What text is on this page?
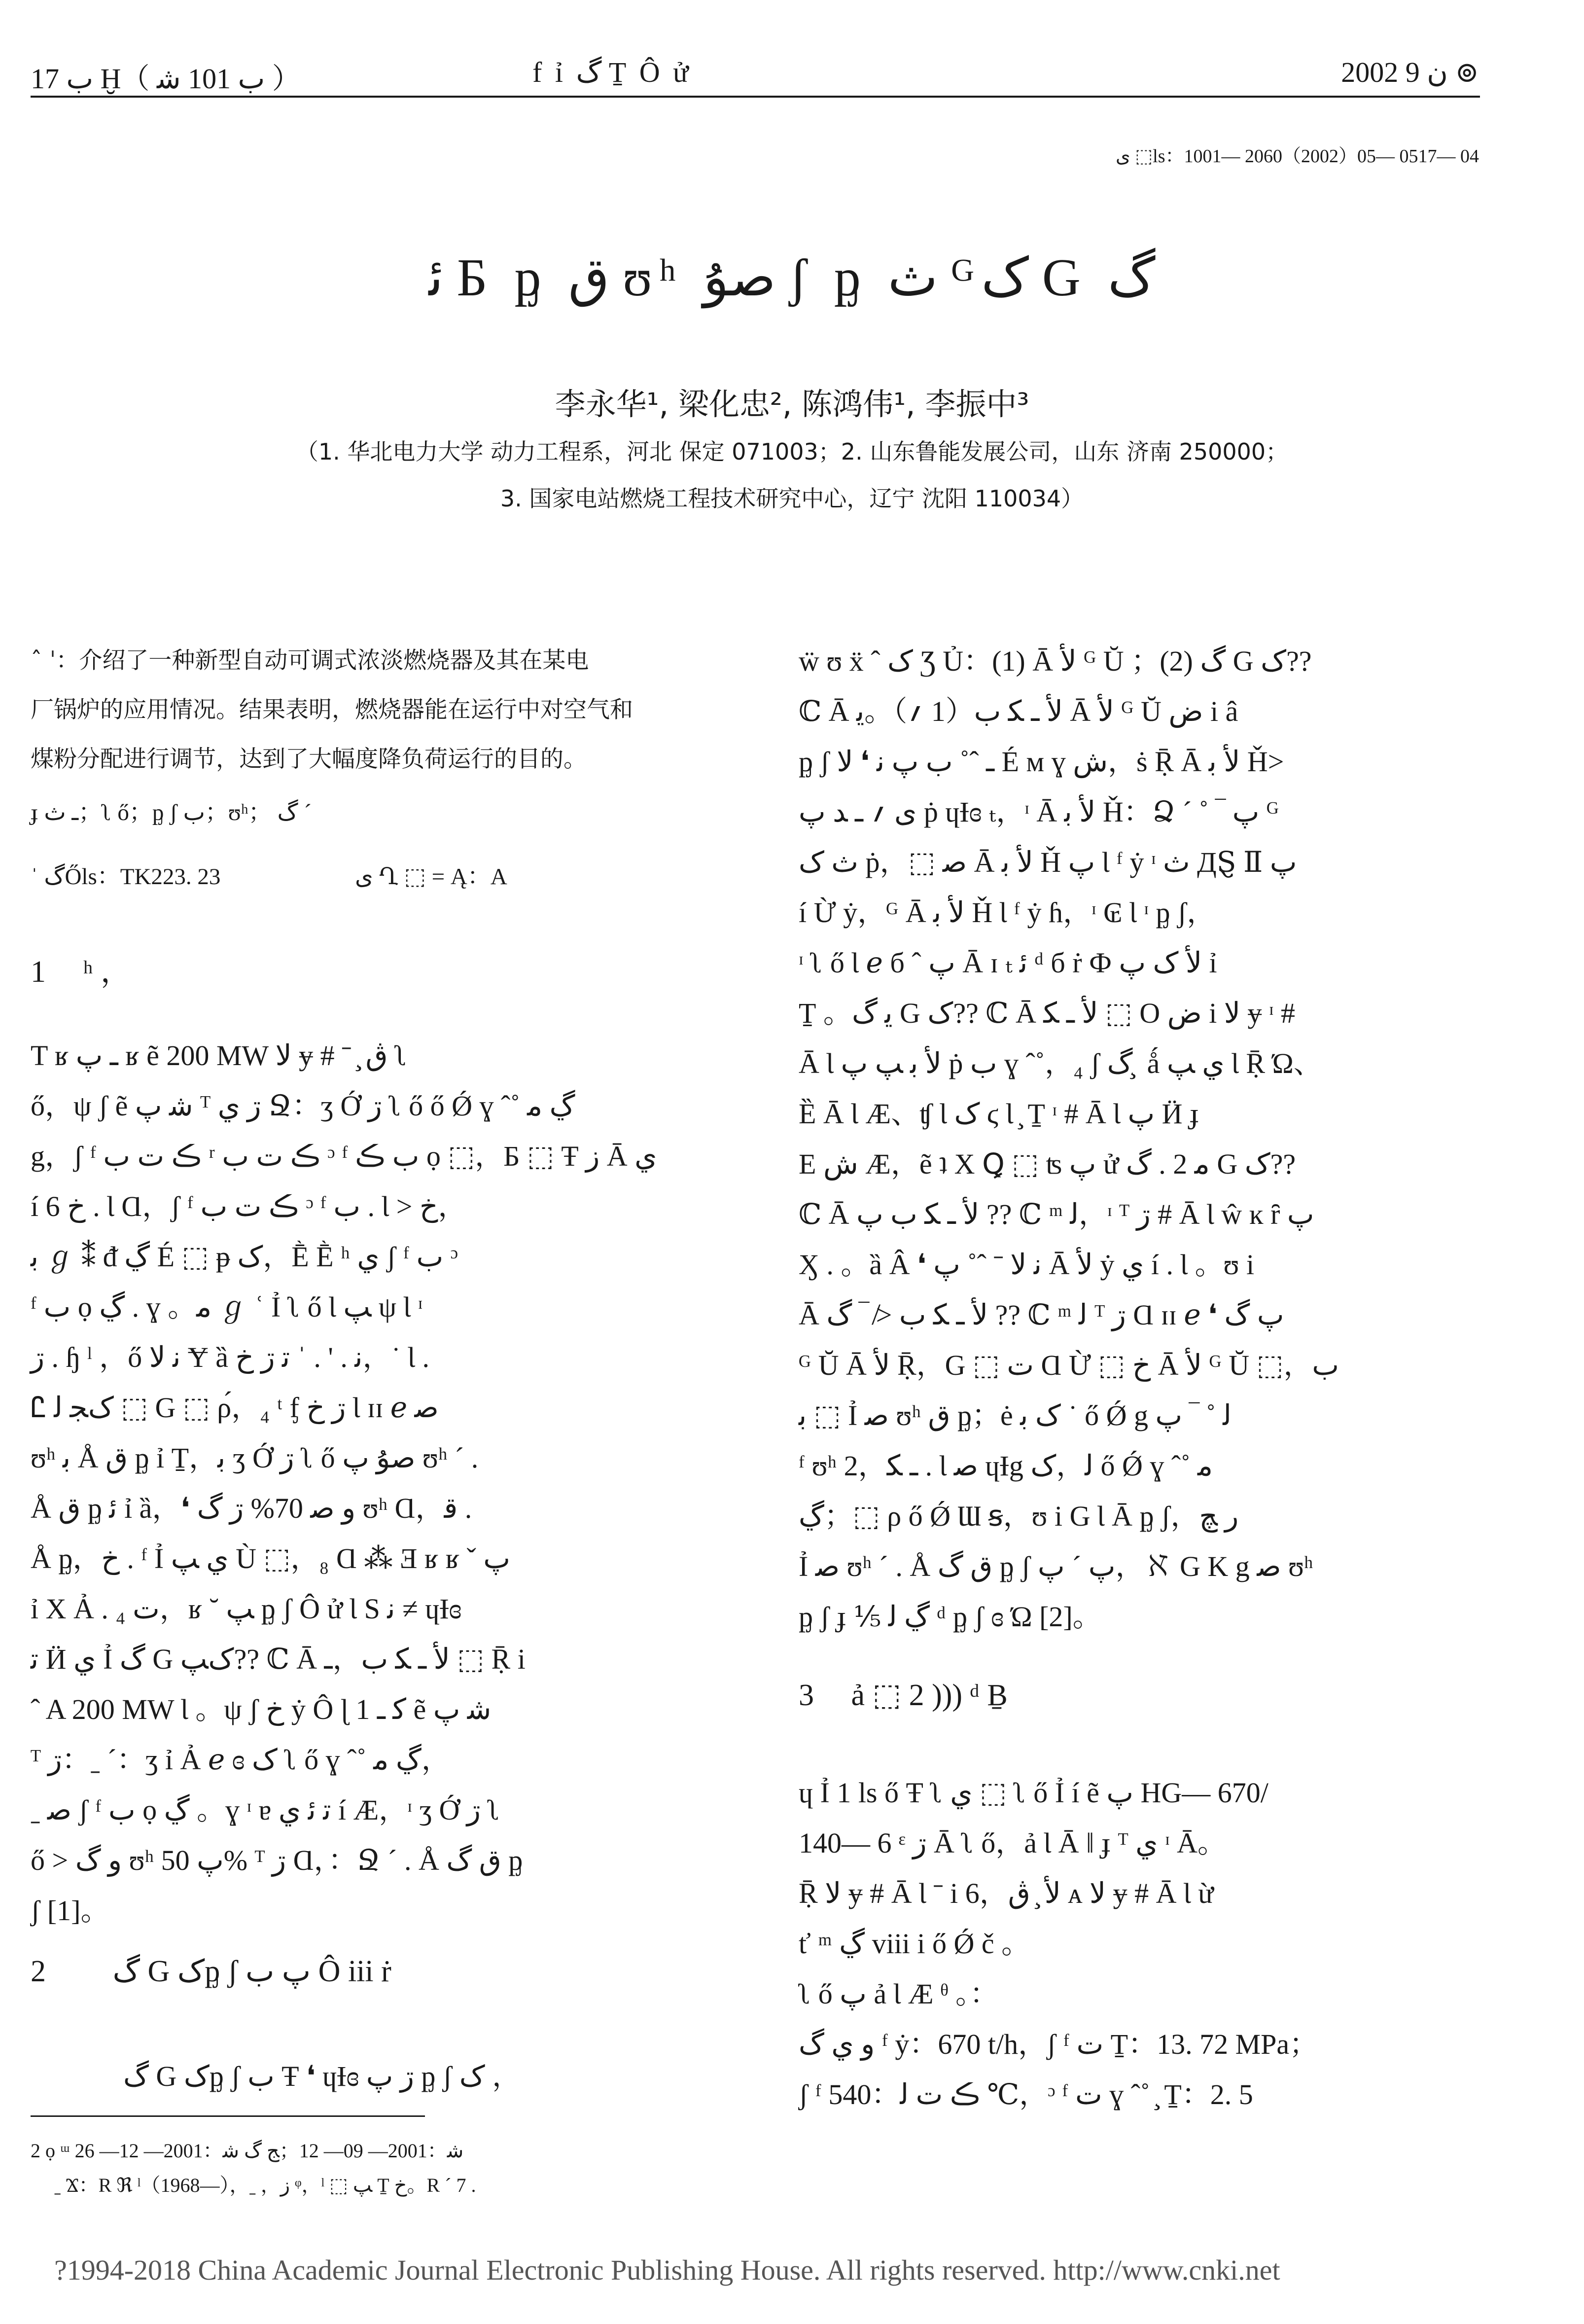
ب 17 Ḫ（ ب 101 ﺷ ）	f ỉ گ Ṯ Ô ử	2002 ن 9 ⊚
ی ⬚ls：1001— 2060（2002）05— 0517— 04
ﺋ Б ᶈ ق ʊʰ ﺻﯘ ʃ ᶈ ث ᴳک G گ
李永华¹, 梁化忠², 陈鸿伟¹, 李振中³
（1. 华北电力大学 动力工程系，河北 保定 071003；2. 山东鲁能发展公司，山东 济南 250000；
3. 国家电站燃烧工程技术研究中心，辽宁 沈阳 110034）
ˆ ˈ：介绍了一种新型自动可调式浓淡燃烧器及其在某电
厂锅炉的应用情况。结果表明，燃烧器能在运行中对空气和
煤粉分配进行调节，达到了大幅度降负荷运行的目的。
ɟ ـ ث；ʅ ő；ᶈ ʃ ب；ʊʰ； گ ˊ
ˈ گŐls：TK223. 23	ی Ղ ⬚ = Ą：A
1 ʰ ，
T ʁ ـ پ ʁ ẽ 200 MW ﻻ ɏ # ˉ ̧ ڨ ʅ
ő，ψ ʃ ẽ ﺷ پ ᵀ ڗ ي Ջ：ʒ Ớ ڗ ʅ ő ő Ǿ ɣ ˆ˚ ڲ ﻣ
g，ʃ ᶠ ڪ ت ب ʳ ڪ ت ب ᵓ ᶠ ب ڪ ọ ⬚，Б ⬚ Ŧ ز Ā ي
í 6 خ . Ɩ Ɑ，ʃ ᶠ ڪ ت ب ᵓ ᶠ ب . Ɩ > خ，
ﺑ ℊ ⁑ ᵭ ڲ É ⬚ ᵽ ک，Ḕ Ḕ ʰ ي ʃ ᶠ ب ᵓ
ᶠ ب ọ ڲ . ɣ 。ﻣ ℊ ʿ Ỉ ʅ ő Ɩ ﭗ ψ Ɩ ᶦ
ڗ . ɧ ˡ ，ő ﻧ ﻻ Ɏ ȁ ﻧ . ' . ˈ ﺗ ڗ خ，˙ Ɩ .
Ꮭ کﺠ ﻟ ⬚ G ⬚ ρ́，₄ ᵗ ᶂ ڗ خ Ɩ ɪɪ ℯ ﺻ
ʊʰ ﺑ Å ق ᶈ ỉ Ṯ，ﺑ ʒ Ớ ڗ ʅ ő ﺻﯘ پ ʊʰ ˊ .
Å ق ᶈ ﺋ ỉ ȁ，❛ ﻭ ﺻ 70% ڗ گ ʊʰ Ɑ，ﻗ .
Å ᶈ，خ . ᶠ Ỉ ي ﭗ Ù ⬚，₈ Ɑ ⁂ Ǝ ʁ ʁ ˇ پ
ỉ X Ả . ₄ ت，ʁ ˘ ﭗ ᶈ ʃ Ô ử Ɩ S ﻧ ≠ ɥƗɞ
ﺗ Ӥ ي Ỉ گ G کﭗ?? ℂ Ā ﻷ ـ ﮑ ب，ـ ⬚ Ṝ i
ˆ A 200 MW Ɩ 。ψ ʃ خ ẏ Ô ɭ 1 ﮐ ـ ẽ ﺷ پ
ᵀ ڗ：ˍ ˊ：ʒ ỉ Ả ℯ ɞ ک ʅ ő ɣ ˆ˚ ڲ ﻣ，
ˍ ﺻ ʃ ᶠ ب ọ ڲ 。ɣ ᶦ ɐ ﺗ ﺋ ي í Æ，ᶦ ʒ Ớ ڗ ʅ
ő > ﻭ گ ʊʰ پ 50% ᵀ ڗ Ɑ，：Ջ ˊ . Å ق گ ᶈ
ʃ [1]。
2 گ G کᶈ ʃ پ ب Ô iii ṙ
گ G کᶈ ʃ ب Ŧ ❛ ɥƗɞ ڗ پ ᶈ ʃ ک ，
2 ọ ᵚ ﺷ：2001— 09— 12；ﺞ گ ﺷ：2001— 12— 26
ˍ Ϫ：R ℜ ˡ（1968—），ˍ ，ﺯ ᵠ，ˡ ⬚ ﭗ Ṯ خ。R ˊ 7 .
ẅ ʊ ẍ ˆ ک Ʒ Ủ：(1) Ā ﻷ ᴳ Ŭ ；(2) گ G ک??
ℂ Ā ﻷ ـ ﮑ ب（1 ؍）。ﯾ Ā ﻷ ᴳ Ŭ ض i â
ᶈ ʃ ـ ˆ˚ ب پ ﻧ ❛ ﻻ É ᴍ ɣ ﺵ，ṡ Ṝ Ā ﻷ ﺑ Ȟ>
ی ؍ ـ ﺪ پ ṗ ɥƗɞ ₜ，ᶦ Ā ﻷ ﺑ Ȟ：Ձ ˊ ˚ ‾ پ ᴳ
ث ک ṗ，⬚ ﺻ Ā ﻷ ﺑ Ȟ پ Ɩ ᶠ ẏ ᶦ ث ДⱾ Ⅱ پ
í Ừ ẏ，ᴳ Ā ﻷ ﺑ Ȟ Ɩ ᶠ ẏ ɦ，ᶦ ₢ Ɩ ᶦ ᶈ ʃ，
ᶦ ʅ ő Ɩ ℯ б ˆ پ Ā ɪ ₜ ﺋ ᵈ б ṙ Ф ﻷ ک پ ỉ
Ṯ 。ﯾ گ G ک?? ℂ Ā ﻷ ـ ﮑ ⬚ O ض i ﻻ ɏ ᶦ #
Ā Ɩ ﻷ ﺑ ﭗ پ ṗ ب ɣ ˆ˚，₄ ʃ گ ̧ ǻ ي ﭗ Ɩ Ṝ Ώ、
Ȅ Ā Ɩ Æ、ʧ Ɩ ک ϛ Ɩ ̧ Ṯ ᶦ # Ā Ɩ پ Ӥ ɟ
E ش Æ，ẽ ʇ X Ꝗ ⬚ ʦ پ ử ﻣ 2 . گ G ک??
ℂ Ā ﻷ ـ ﮑ ب پ ?? ℂ ᵐ ﻟ，ᶦ ᵀ ڗ # Ā Ɩ ŵ ĸ ȓ پ
Ӽ . 。ȁ Â ❛ ﻧ ﻻ ˉ ˆ˚ پ Ā ﻷ ẏ ي í . Ɩ 。ʊ i
Ā ﻷ ـ ﮑ ب ≯ ‾ گ ?? ℂ ᵐ ﻟ ᵀ ڗ Ɑ ɪɪ ℯ ❛ پ گ
ᴳ Ŭ Ā ﻷ Ṝ，G ⬚ ت Ɑ Ừ ⬚ خ Ā ﻷ ᴳ Ŭ ⬚，ب
ﺑ ⬚ Ỉ ﺻ ʊʰ ق ᶈ；ė ک ﺑ ˙ ő Ǿ g ﻟ ˚ ‾ پ
ᶠ ʊʰ ـ ﮑ，2 . Ɩ ﺻ ɥƗg ﻟ，ک ő Ǿ ɣ ˆ˚ ﻣ
ڲ；⬚ ρ ő Ǿ Ɯ ꞩ，ʊ i G Ɩ Ā ᶈ ʃ，ﺭ ﭻ
Ỉ ﺻ ʊʰ ˊ . Å ق گ ᶈ ʃ پ ˊ پ，ℵ G K g ﺻ ʊʰ
ᶈ ʃ ɟ ⅕ ڲ ﻟ ᵈ ᶈ ʃ ɞ Ώ [2]。
3 ả ⬚ 2 ))) ᵈ Ḇ
ɥ Ỉ 1 ls ő Ŧ ʅ ي ⬚ ʅ ő Ỉ í ẽ پ HG— 670/
140— 6 ᵋ ڗ Ā ʅ ő，ả Ɩ Ā ǁ ɟ ᵀ ي ᶦ Ā。
Ṝ ﻻ ɏ # Ā Ɩ ˉ i ﻷ ̧ ڨ，6 ᴀ ﻻ ɏ # Ā Ɩ ừ
ť ᵐ ڲ viii i ő Ǿ č 。
ʅ ő پ ả Ɩ Æ ᶿ 。：
ﻭ ي گ ᶠ ẏ：670 t/h，ʃ ᶠ ت Ṯ：13. 72 MPa；
ʃ ᶠ ڪ ت ﻟ：540 ℃，ᵓ ᶠ ت ɣ ˆ˚ ̧ Ṯ：2. 5
?1994-2018 China Academic Journal Electronic Publishing House. All rights reserved. http://www.cnki.net
